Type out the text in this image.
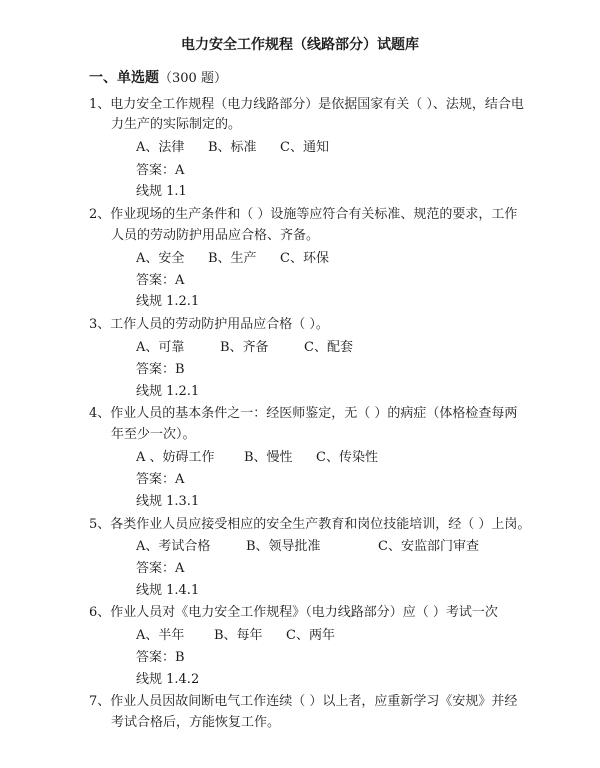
电力安全工作规程（线路部分）试题库
一、单选题（300 题）
1、电力安全工作规程（电力线路部分）是依据国家有关（ ）、法规，结合电
力生产的实际制定的。
A、法律 B、标准 C、通知
答案：A
线规 1.1
2、作业现场的生产条件和（ ）设施等应符合有关标准、规范的要求，工作
人员的劳动防护用品应合格、齐备。
A、安全 B、生产 C、环保
答案：A
线规 1.2.1
3、工作人员的劳动防护用品应合格（ ）。
A、可靠	B、齐备	C、配套
答案：B
线规 1.2.1
4、作业人员的基本条件之一：经医师鉴定，无（ ）的病症（体格检查每两
年至少一次）。
A 、妨碍工作 B、慢性 C、传染性
答案：A
线规 1.3.1
5、各类作业人员应接受相应的安全生产教育和岗位技能培训，经（ ）上岗。
A、考试合格	B、领导批准	C、安监部门审查
答案：A
线规 1.4.1
6、作业人员对《电力安全工作规程》（电力线路部分）应（ ）考试一次
A、半年 B、每年 C、两年
答案：B
线规 1.4.2
7、作业人员因故间断电气工作连续（ ）以上者，应重新学习《安规》并经
考试合格后，方能恢复工作。
